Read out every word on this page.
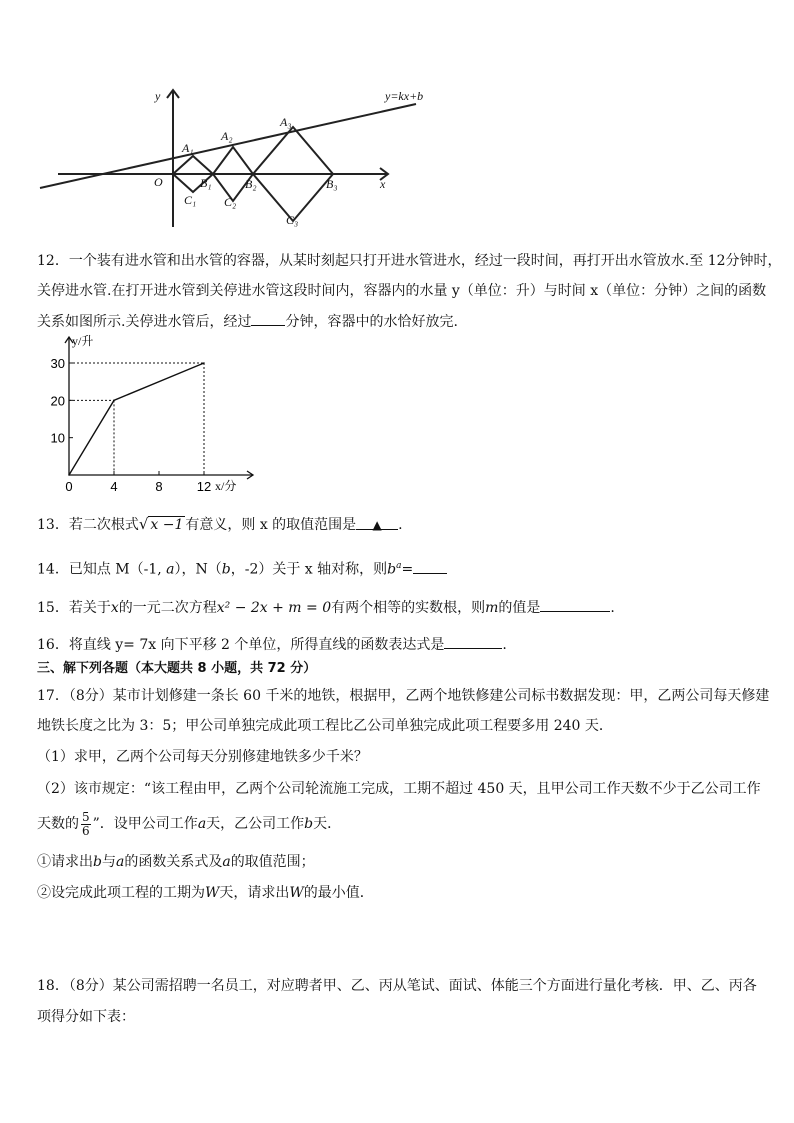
y=kx+b
y
x
O
A₁
A₂
A₃
B₁	B₂	B₃
C₁ C₂
C₃
12．一个装有进水管和出水管的容器，从某时刻起只打开进水管进水，经过一段时间，再打开出水管放水.至 12分钟时，
关停进水管.在打开进水管到关停进水管这段时间内，容器内的水量 y（单位：升）与时间 x（单位：分钟）之间的函数
关系如图所示.关停进水管后，经过 分钟，容器中的水恰好放完.
0	4	8	12
10
20
30
y/升
x/分
13．若二次根式√ x −1 有意义，则 x 的取值范围是 ▲ .
14．已知点 M（-1, a），N（b，-2）关于 x 轴对称，则$b^a=$
15．若关于x的一元二次方程x² − 2x + m = 0有两个相等的实数根，则m的值是	.
16．将直线 y= 7x 向下平移 2 个单位，所得直线的函数表达式是	.
三、解下列各题（本大题共 8 小题，共 72 分）
17．（8分）某市计划修建一条长 60 千米的地铁，根据甲，乙两个地铁修建公司标书数据发现：甲，乙两公司每天修建
地铁长度之比为 3：5；甲公司单独完成此项工程比乙公司单独完成此项工程要多用 240 天．
（1）求甲，乙两个公司每天分别修建地铁多少千米？
（2）该市规定：“该工程由甲，乙两个公司轮流施工完成，工期不超过 450 天，且甲公司工作天数不少于乙公司工作
天数的 $\frac{5}{6}$ ”．设甲公司工作a天，乙公司工作b天．
①请求出b与a的函数关系式及a的取值范围；
②设完成此项工程的工期为W天，请求出W的最小值．
18．（8分）某公司需招聘一名员工，对应聘者甲、乙、丙从笔试、面试、体能三个方面进行量化考核．甲、乙、丙各
项得分如下表：
